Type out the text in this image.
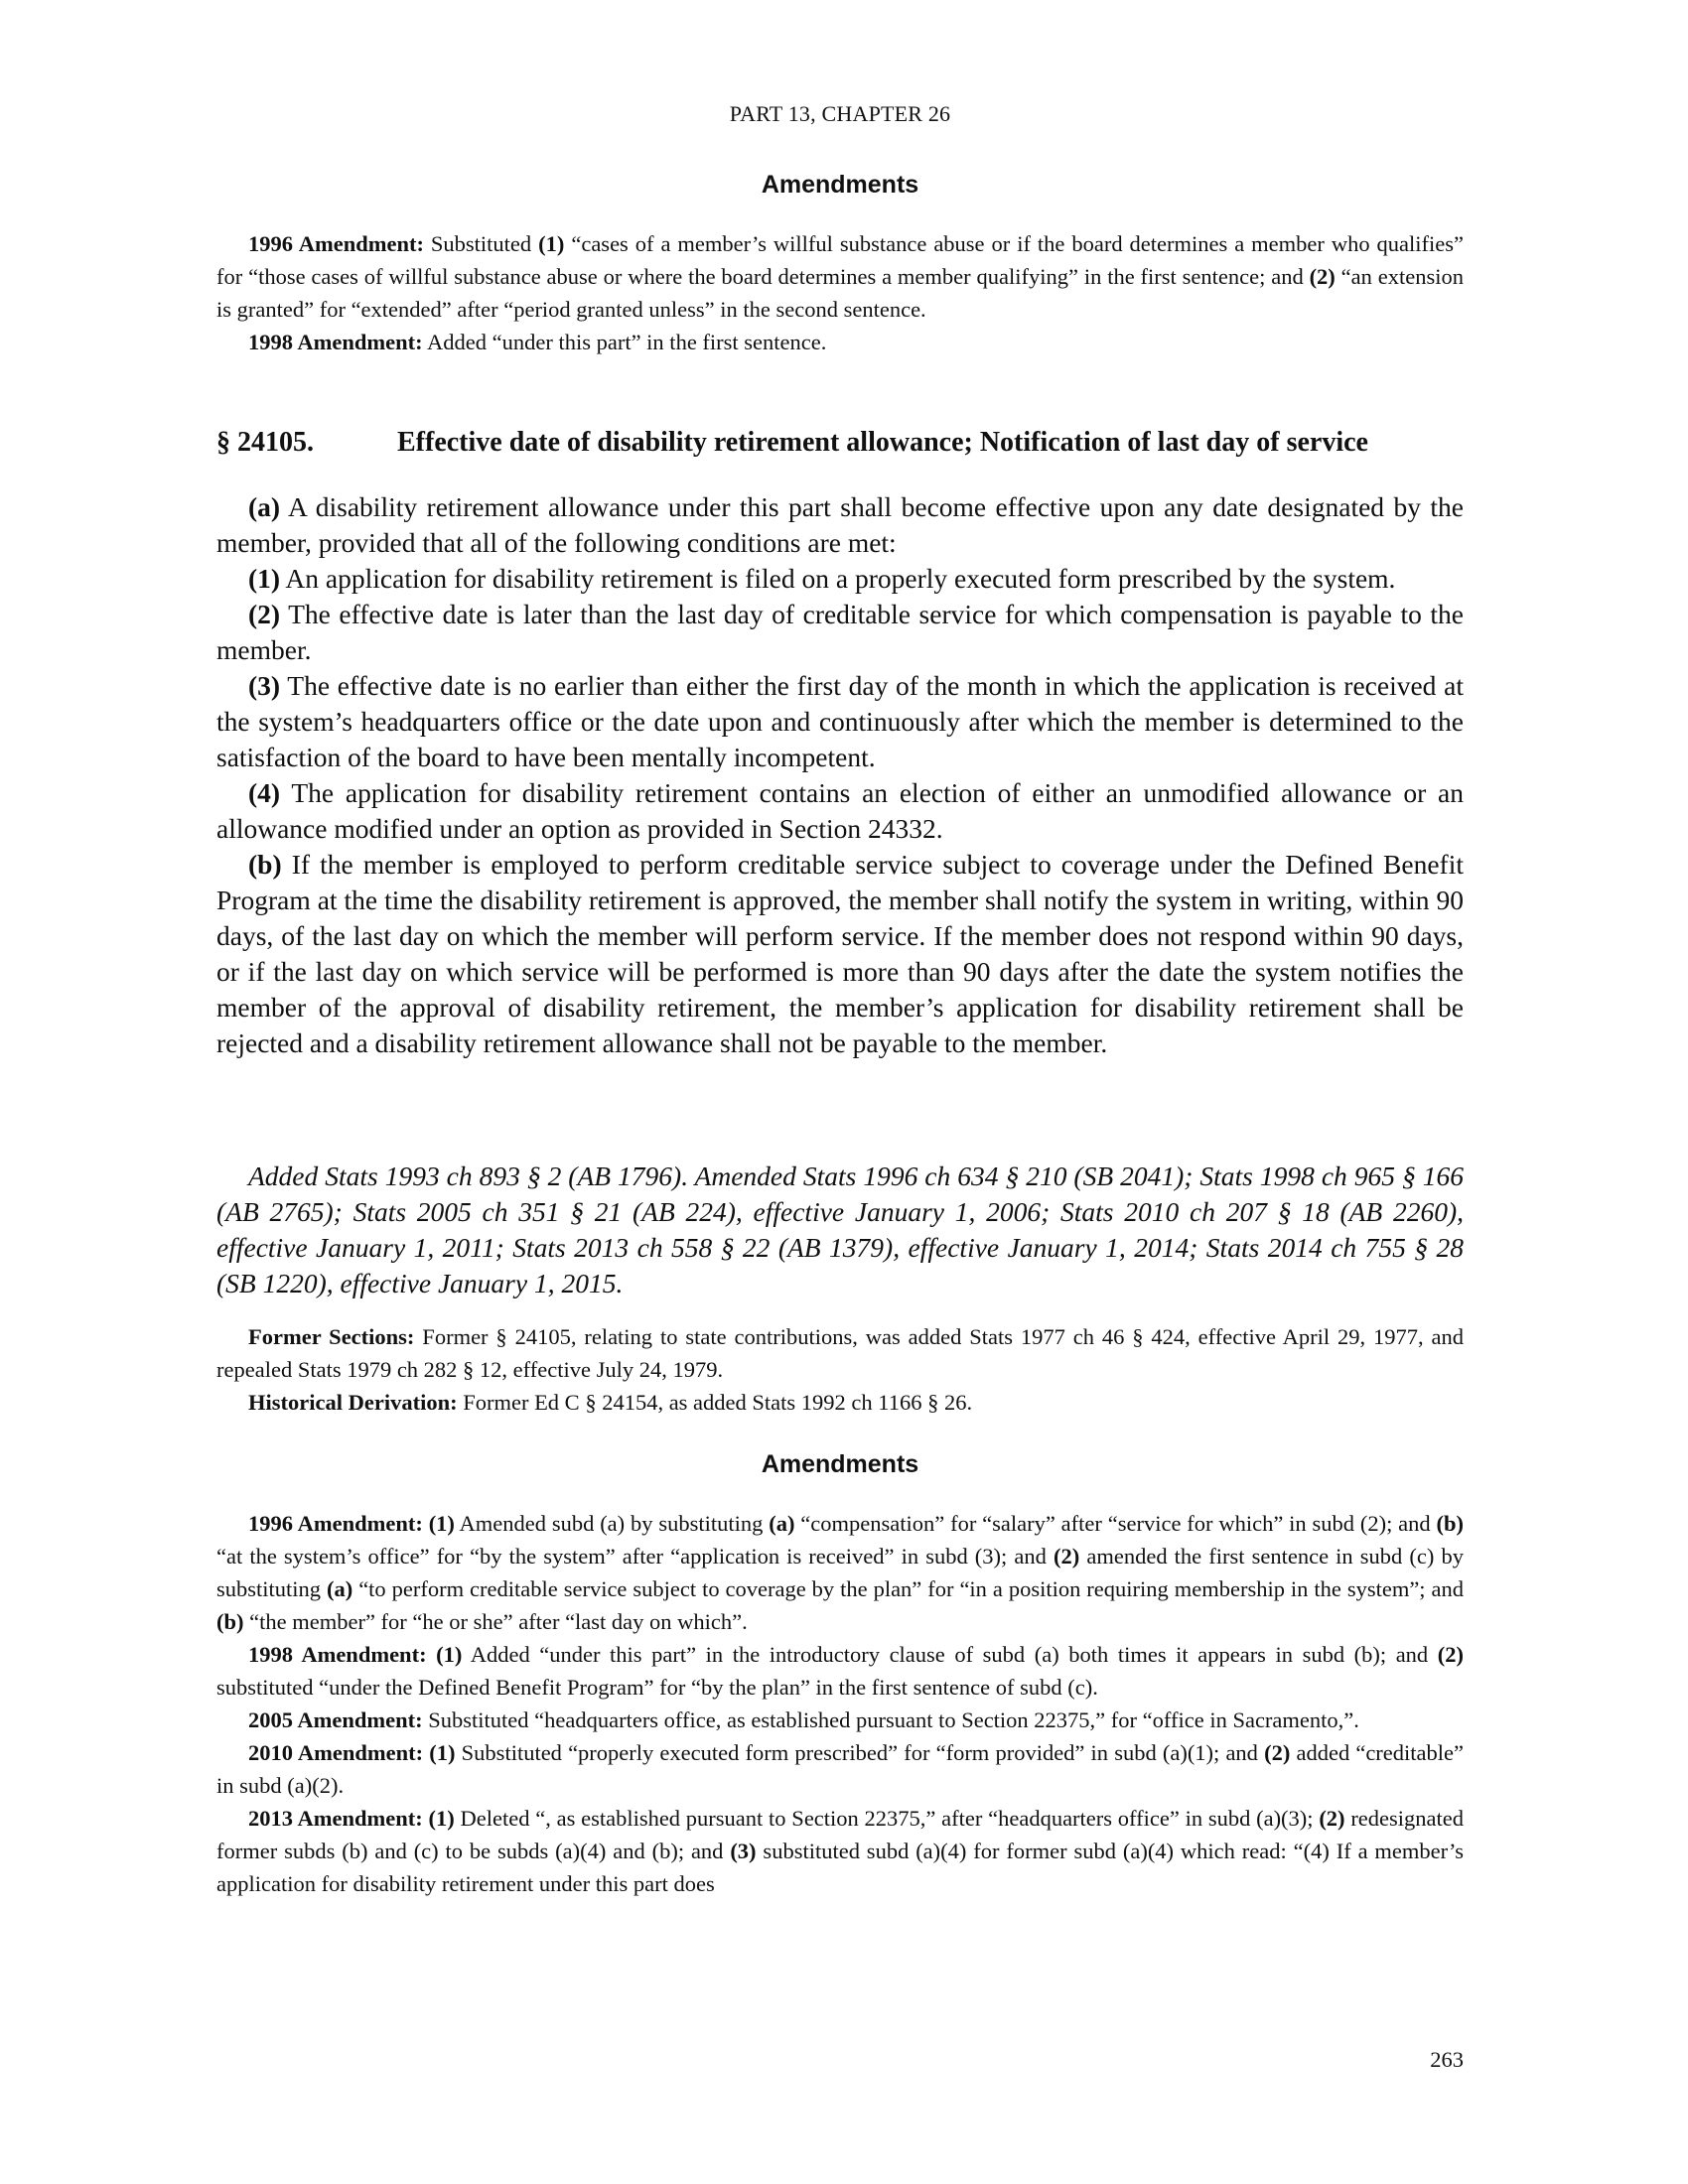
PART 13, CHAPTER 26
Amendments

1996 Amendment: Substituted (1) “cases of a member’s willful substance abuse or if the board determines a member who qualifies” for “those cases of willful substance abuse or where the board determines a member qualifying” in the first sentence; and (2) “an extension is granted” for “extended” after “period granted unless” in the second sentence.

1998 Amendment: Added “under this part” in the first sentence.

§ 24105.	Effective date of disability retirement allowance; Notification of last day of service

(a) A disability retirement allowance under this part shall become effective upon any date designated by the member, provided that all of the following conditions are met:

(1) An application for disability retirement is filed on a properly executed form prescribed by the system.

(2) The effective date is later than the last day of creditable service for which compensation is payable to the member.

(3) The effective date is no earlier than either the first day of the month in which the application is received at the system’s headquarters office or the date upon and continuously after which the member is determined to the satisfaction of the board to have been mentally incompetent.

(4) The application for disability retirement contains an election of either an unmodified allowance or an allowance modified under an option as provided in Section 24332.

(b) If the member is employed to perform creditable service subject to coverage under the Defined Benefit Program at the time the disability retirement is approved, the member shall notify the system in writing, within 90 days, of the last day on which the member will perform service. If the member does not respond within 90 days, or if the last day on which service will be performed is more than 90 days after the date the system notifies the member of the approval of disability retirement, the member’s application for disability retirement shall be rejected and a disability retirement allowance shall not be payable to the member.

Added Stats 1993 ch 893 § 2 (AB 1796). Amended Stats 1996 ch 634 § 210 (SB 2041); Stats 1998 ch 965 § 166 (AB 2765); Stats 2005 ch 351 § 21 (AB 224), effective January 1, 2006; Stats 2010 ch 207 § 18 (AB 2260), effective January 1, 2011; Stats 2013 ch 558 § 22 (AB 1379), effective January 1, 2014; Stats 2014 ch 755 § 28 (SB 1220), effective January 1, 2015.

Former Sections: Former § 24105, relating to state contributions, was added Stats 1977 ch 46 § 424, effective April 29, 1977, and repealed Stats 1979 ch 282 § 12, effective July 24, 1979.

Historical Derivation: Former Ed C § 24154, as added Stats 1992 ch 1166 § 26.

Amendments

1996 Amendment: (1) Amended subd (a) by substituting (a) “compensation” for “salary” after “service for which” in subd (2); and (b) “at the system’s office” for “by the system” after “application is received” in subd (3); and (2) amended the first sentence in subd (c) by substituting (a) “to perform creditable service subject to coverage by the plan” for “in a position requiring membership in the system”; and (b) “the member” for “he or she” after “last day on which”.

1998 Amendment: (1) Added “under this part” in the introductory clause of subd (a) both times it appears in subd (b); and (2) substituted “under the Defined Benefit Program” for “by the plan” in the first sentence of subd (c).

2005 Amendment: Substituted “headquarters office, as established pursuant to Section 22375,” for “office in Sacramento,”.

2010 Amendment: (1) Substituted “properly executed form prescribed” for “form provided” in subd (a)(1); and (2) added “creditable” in subd (a)(2).

2013 Amendment: (1) Deleted “, as established pursuant to Section 22375,” after “headquarters office” in subd (a)(3); (2) redesignated former subds (b) and (c) to be subds (a)(4) and (b); and (3) substituted subd (a)(4) for former subd (a)(4) which read: “(4) If a member’s application for disability retirement under this part does

263
